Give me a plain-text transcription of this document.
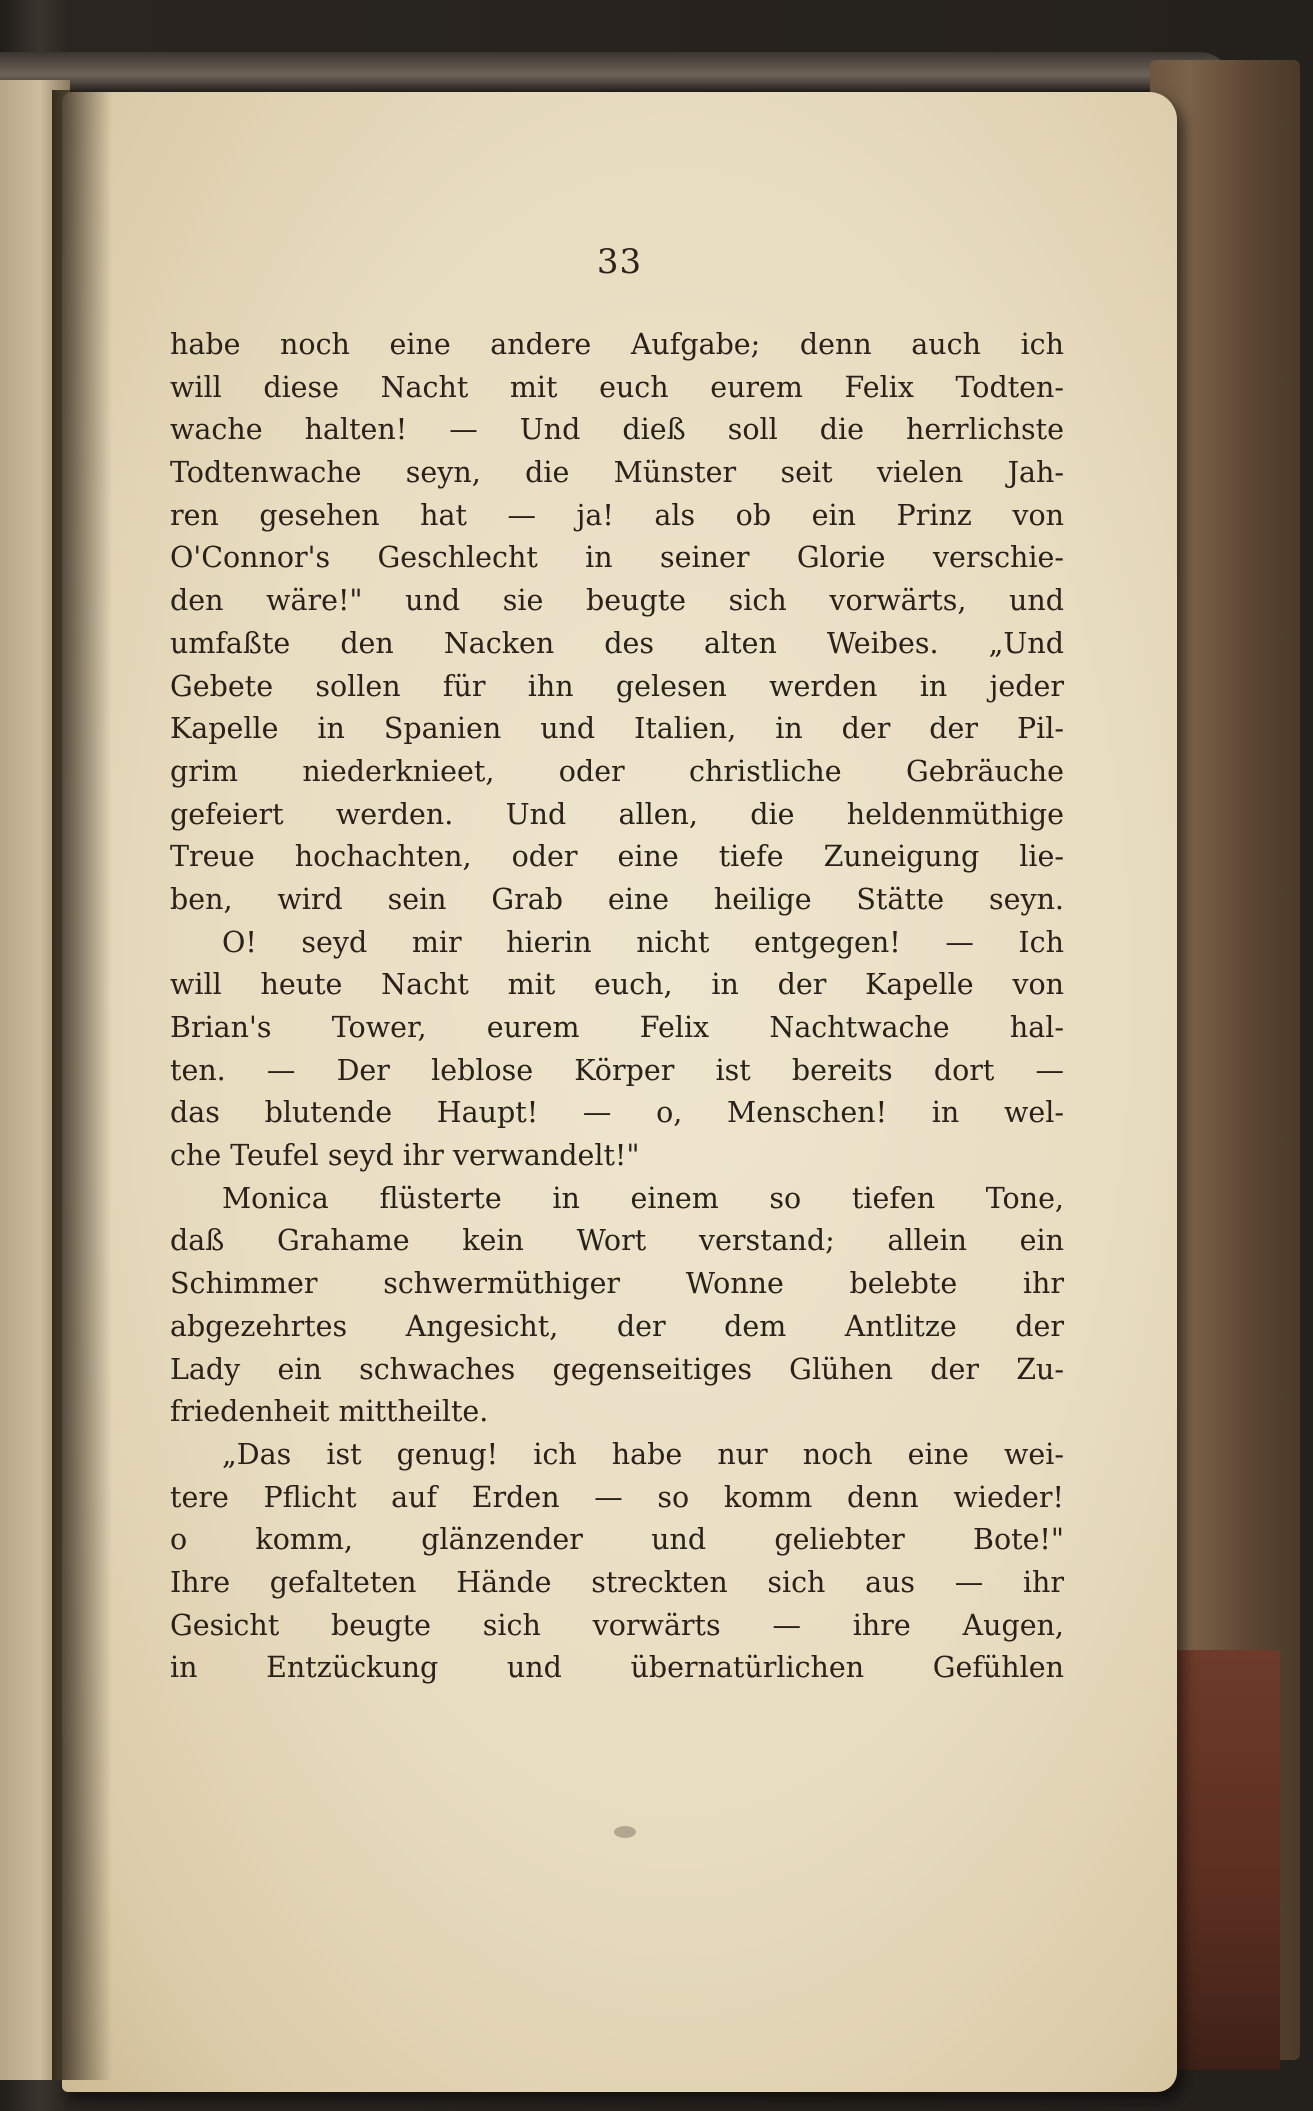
33
habe noch eine andere Aufgabe; denn auch ich
will diese Nacht mit euch eurem Felix Todten-
wache halten! — Und dieß soll die herrlichste
Todtenwache seyn, die Münster seit vielen Jah-
ren gesehen hat — ja! als ob ein Prinz von
O'Connor's Geschlecht in seiner Glorie verschie-
den wäre!" und sie beugte sich vorwärts, und
umfaßte den Nacken des alten Weibes. „Und
Gebete sollen für ihn gelesen werden in jeder
Kapelle in Spanien und Italien, in der der Pil-
grim niederknieet, oder christliche Gebräuche
gefeiert werden. Und allen, die heldenmüthige
Treue hochachten, oder eine tiefe Zuneigung lie-
ben, wird sein Grab eine heilige Stätte seyn.
O! seyd mir hierin nicht entgegen! — Ich
will heute Nacht mit euch, in der Kapelle von
Brian's Tower, eurem Felix Nachtwache hal-
ten. — Der leblose Körper ist bereits dort —
das blutende Haupt! — o, Menschen! in wel-
che Teufel seyd ihr verwandelt!"
Monica flüsterte in einem so tiefen Tone,
daß Grahame kein Wort verstand; allein ein
Schimmer schwermüthiger Wonne belebte ihr
abgezehrtes Angesicht, der dem Antlitze der
Lady ein schwaches gegenseitiges Glühen der Zu-
friedenheit mittheilte.
„Das ist genug! ich habe nur noch eine wei-
tere Pflicht auf Erden — so komm denn wieder!
o komm, glänzender und geliebter Bote!"
Ihre gefalteten Hände streckten sich aus — ihr
Gesicht beugte sich vorwärts — ihre Augen,
in Entzückung und übernatürlichen Gefühlen
